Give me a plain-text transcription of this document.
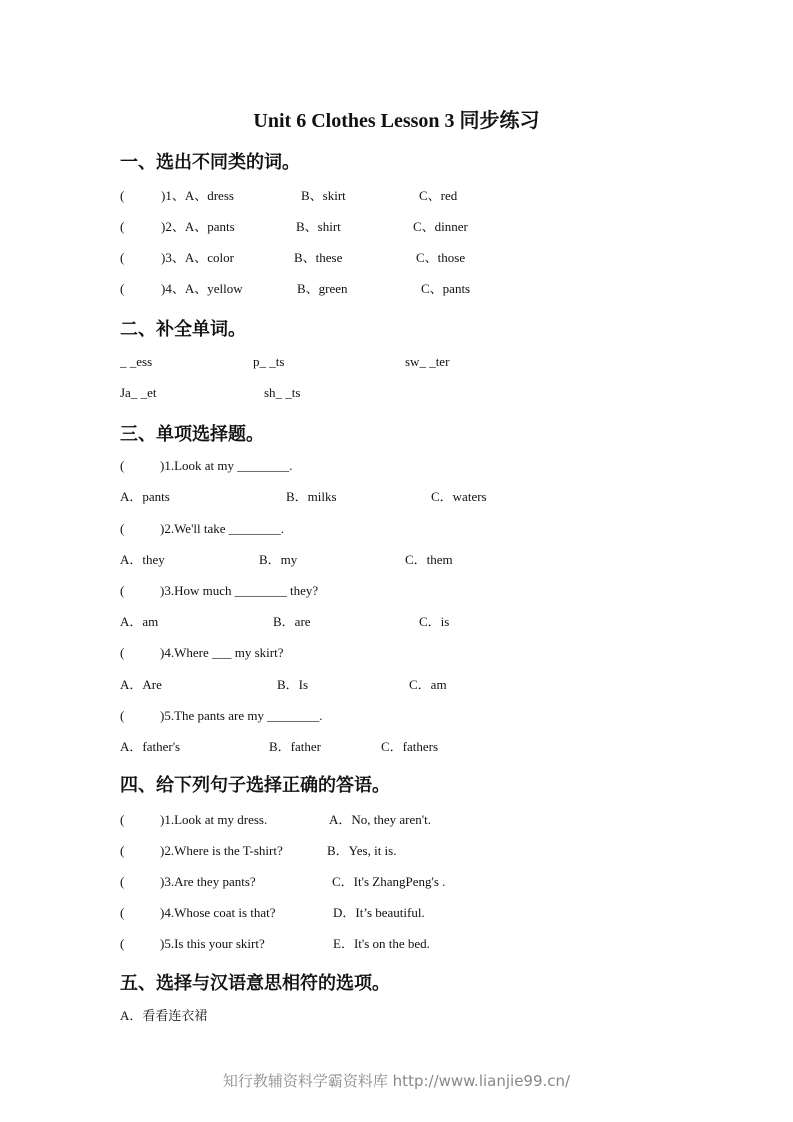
Unit 6 Clothes Lesson 3 同步练习
一、选出不同类的词。
(	)1、A、dress	B、skirt	C、red
(	)2、A、pants	B、shirt	C、dinner
(	)3、A、color	B、these	C、those
(	)4、A、yellow	B、green	C、pants
二、补全单词。
_ _ess	p_ _ts	sw_ _ter
Ja_ _et	sh_ _ts
三、单项选择题。
(	)1.Look at my ________.
A．pants	B．milks	C．waters
(	)2.We'll take ________.
A．they	B．my	C．them
(	)3.How much ________ they?
A．am	B．are	C．is
(	)4.Where ___ my skirt?
A．Are	B．Is	C．am
(	)5.The pants are my ________.
A．father's	B．father	C．fathers
四、给下列句子选择正确的答语。
(	)1.Look at my dress.	A．No, they aren't.
(	)2.Where is the T-shirt?	B．Yes, it is.
(	)3.Are they pants?	C．It's ZhangPeng's .
(	)4.Whose coat is that?	D．It’s beautiful.
(	)5.Is this your skirt?	E．It's on the bed.
五、选择与汉语意思相符的选项。
A．看看连衣裙
知行教辅资料学霸资料库 http://www.lianjie99.cn/
